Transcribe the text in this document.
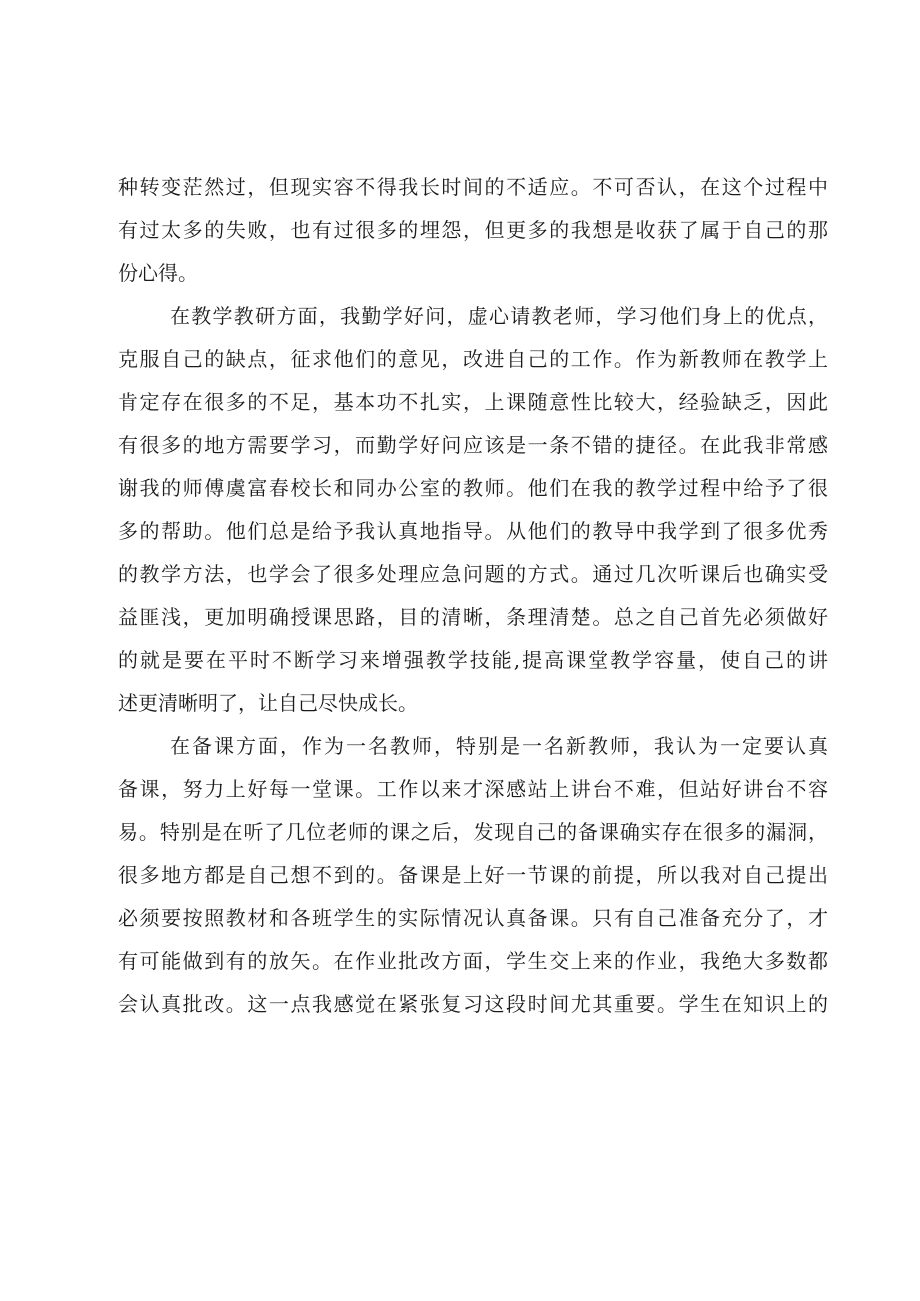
种转变茫然过，但现实容不得我长时间的不适应。不可否认，在这个过程中
有过太多的失败，也有过很多的埋怨，但更多的我想是收获了属于自己的那
份心得。
在教学教研方面，我勤学好问，虚心请教老师，学习他们身上的优点，
克服自己的缺点，征求他们的意见，改进自己的工作。作为新教师在教学上
肯定存在很多的不足，基本功不扎实，上课随意性比较大，经验缺乏，因此
有很多的地方需要学习，而勤学好问应该是一条不错的捷径。在此我非常感
谢我的师傅虞富春校长和同办公室的教师。他们在我的教学过程中给予了很
多的帮助。他们总是给予我认真地指导。从他们的教导中我学到了很多优秀
的教学方法，也学会了很多处理应急问题的方式。通过几次听课后也确实受
益匪浅，更加明确授课思路，目的清晰，条理清楚。总之自己首先必须做好
的就是要在平时不断学习来增强教学技能,提高课堂教学容量，使自己的讲
述更清晰明了，让自己尽快成长。
在备课方面，作为一名教师，特别是一名新教师，我认为一定要认真
备课，努力上好每一堂课。工作以来才深感站上讲台不难，但站好讲台不容
易。特别是在听了几位老师的课之后，发现自己的备课确实存在很多的漏洞，
很多地方都是自己想不到的。备课是上好一节课的前提，所以我对自己提出
必须要按照教材和各班学生的实际情况认真备课。只有自己准备充分了，才
有可能做到有的放矢。在作业批改方面，学生交上来的作业，我绝大多数都
会认真批改。这一点我感觉在紧张复习这段时间尤其重要。学生在知识上的
